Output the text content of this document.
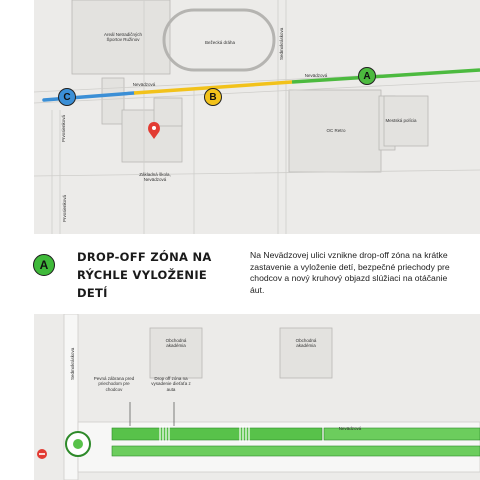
Areál Netradičných Športov Ružinov
Bežecká dráha
Základná škola, Nevädzová
OC Retro
Mestská polícia
Nevädzová
Nevädzová
Sedmokráskova
Prvosienková
Prvosienková
C	B
A
A
DROP-OFF ZÓNA NA RÝCHLE VYLOŽENIE DETÍ
Na Nevädzovej ulici vznikne drop-off zóna na krátke zastavenie a vyloženie detí, bezpečné priechody pre chodcov a nový kruhový objazd slúžiaci na otáčanie áut.
Obchodná akadémia
Obchodná akadémia
Sedmokráskova	Pevná zábrana pred priechodom pre chodcov
Drop off zóna na vysadenie dieťaťa z auta
Nevädzová
